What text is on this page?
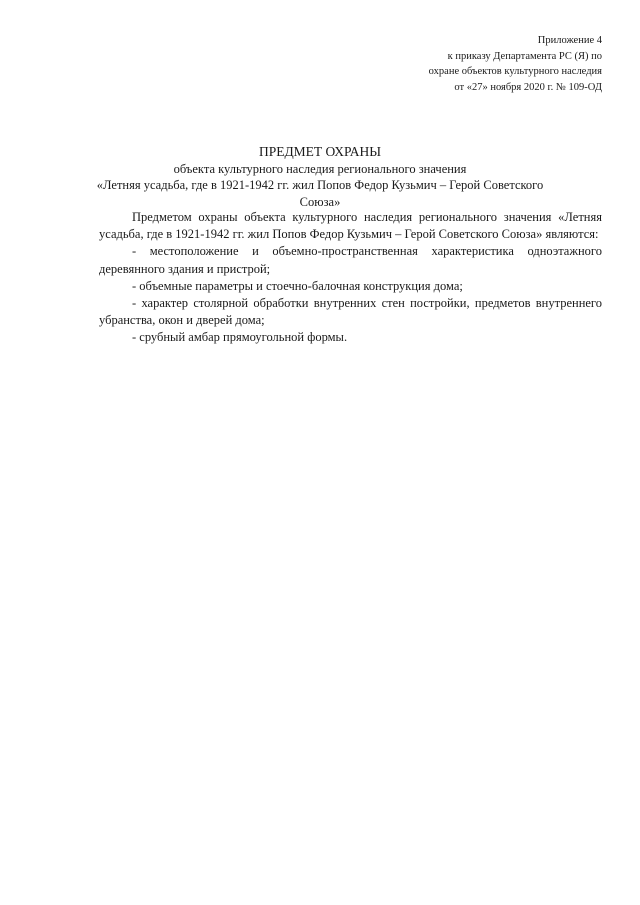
Приложение 4
к приказу Департамента РС (Я) по
охране объектов культурного наследия
от «27» ноября 2020 г. № 109-ОД
ПРЕДМЕТ ОХРАНЫ
объекта культурного наследия регионального значения
«Летняя усадьба, где в 1921-1942 гг. жил Попов Федор Кузьмич – Герой Советского
Союза»

Предметом охраны объекта культурного наследия регионального значения «Летняя усадьба, где в 1921-1942 гг. жил Попов Федор Кузьмич – Герой Советского Союза» являются:

- местоположение и объемно-пространственная характеристика одноэтажного деревянного здания и пристрой;

- объемные параметры и стоечно-балочная конструкция дома;

- характер столярной обработки внутренних стен постройки, предметов внутреннего убранства, окон и дверей дома;

- срубный амбар прямоугольной формы.
